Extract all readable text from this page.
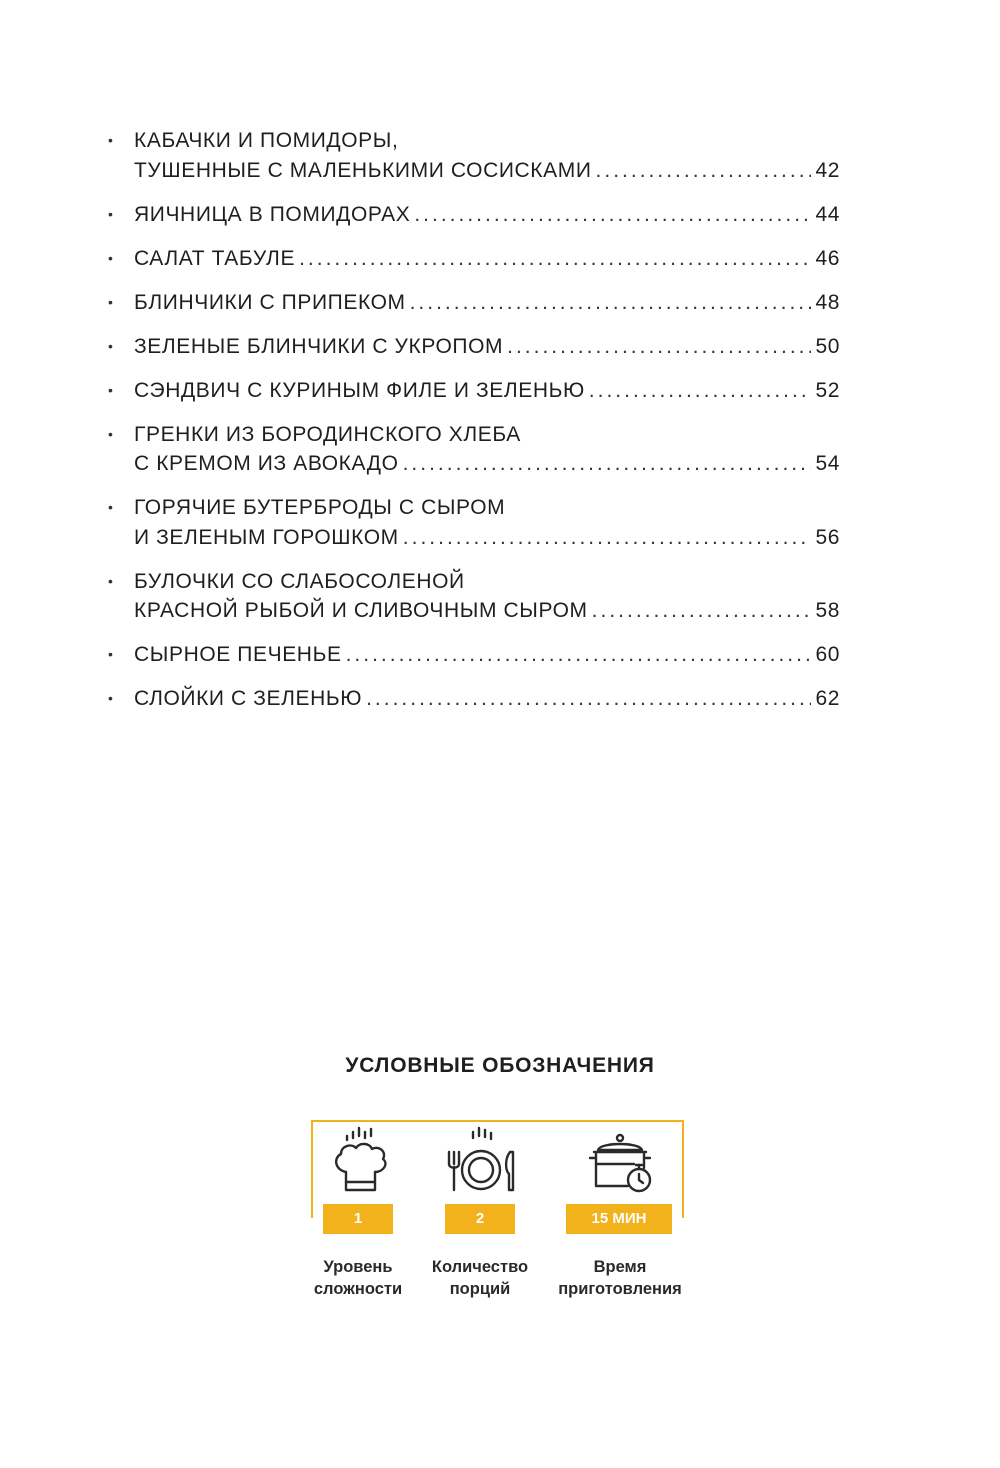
• КАБАЧКИ И ПОМИДОРЫ,
ТУШЕННЫЕ С МАЛЕНЬКИМИ СОСИСКАМИ .....	42
• ЯИЧНИЦА В ПОМИДОРАХ .....	44
• САЛАТ ТАБУЛЕ .....	46
• БЛИНЧИКИ С ПРИПЕКОМ .....	48
• ЗЕЛЕНЫЕ БЛИНЧИКИ С УКРОПОМ .....	50
• СЭНДВИЧ С КУРИНЫМ ФИЛЕ И ЗЕЛЕНЬЮ .....	52
• ГРЕНКИ ИЗ БОРОДИНСКОГО ХЛЕБА
С КРЕМОМ ИЗ АВОКАДО .....	54
• ГОРЯЧИЕ БУТЕРБРОДЫ С СЫРОМ
И ЗЕЛЕНЫМ ГОРОШКОМ .....	56
• БУЛОЧКИ СО СЛАБОСОЛЕНОЙ
КРАСНОЙ РЫБОЙ И СЛИВОЧНЫМ СЫРОМ .....	58
• СЫРНОЕ ПЕЧЕНЬЕ .....	60
• СЛОЙКИ С ЗЕЛЕНЬЮ .....	62
УСЛОВНЫЕ ОБОЗНАЧЕНИЯ
1
Уровень
сложности
2
Количество
порций
15 МИН
Время
приготовления
